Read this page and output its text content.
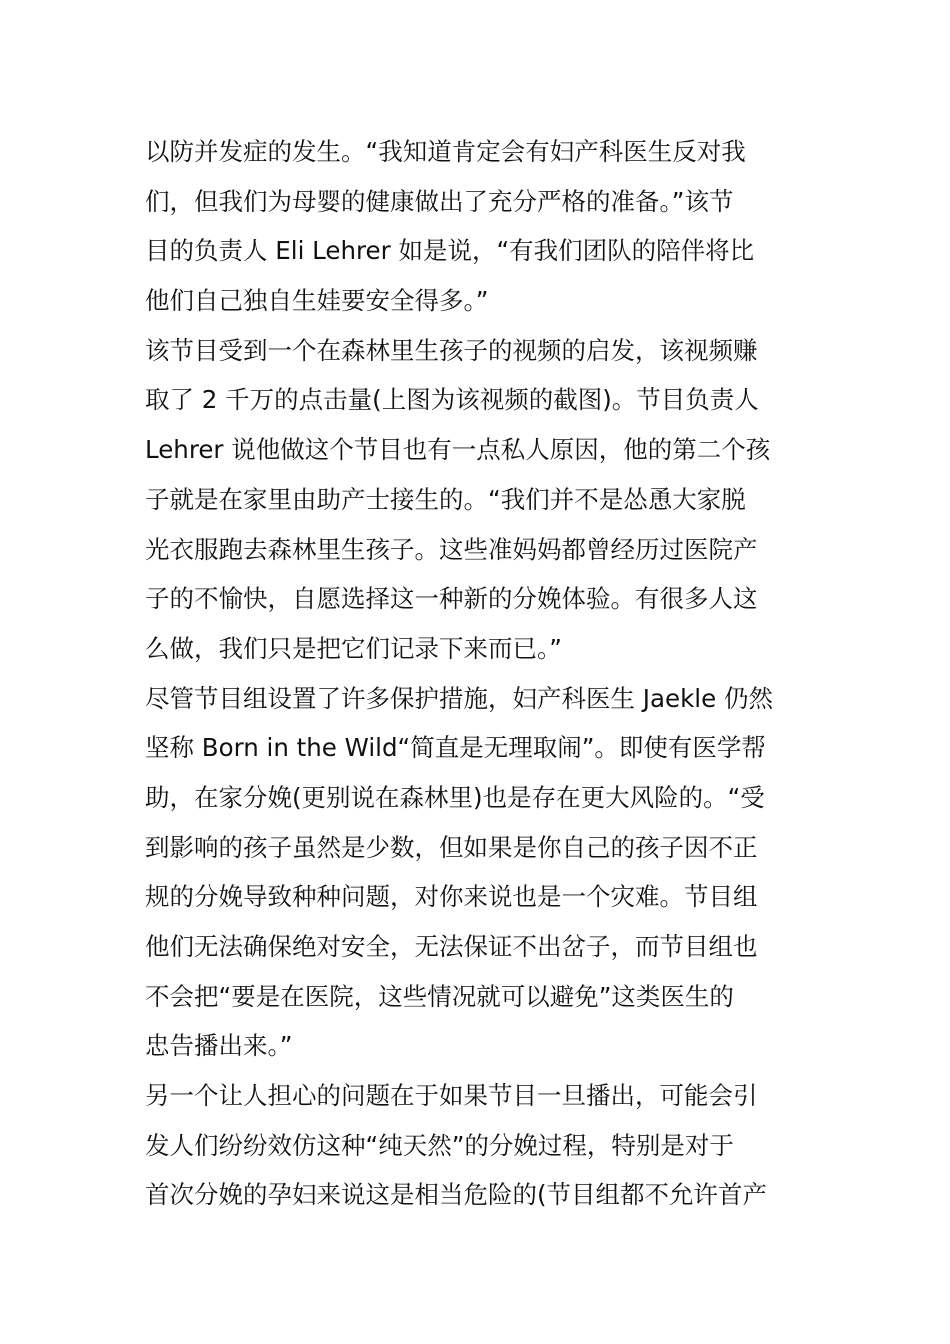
以防并发症的发生。“我知道肯定会有妇产科医生反对我
们，但我们为母婴的健康做出了充分严格的准备。”该节
目的负责人 Eli Lehrer 如是说，“有我们团队的陪伴将比
他们自己独自生娃要安全得多。”
该节目受到一个在森林里生孩子的视频的启发，该视频赚
取了 2 千万的点击量(上图为该视频的截图)。节目负责人
Lehrer 说他做这个节目也有一点私人原因，他的第二个孩
子就是在家里由助产士接生的。“我们并不是怂恿大家脱
光衣服跑去森林里生孩子。这些准妈妈都曾经历过医院产
子的不愉快，自愿选择这一种新的分娩体验。有很多人这
么做，我们只是把它们记录下来而已。”
尽管节目组设置了许多保护措施，妇产科医生 Jaekle 仍然
坚称 Born in the Wild“简直是无理取闹”。即使有医学帮
助，在家分娩(更别说在森林里)也是存在更大风险的。“受
到影响的孩子虽然是少数，但如果是你自己的孩子因不正
规的分娩导致种种问题，对你来说也是一个灾难。节目组
他们无法确保绝对安全，无法保证不出岔子，而节目组也
不会把“要是在医院，这些情况就可以避免”这类医生的
忠告播出来。”
另一个让人担心的问题在于如果节目一旦播出，可能会引
发人们纷纷效仿这种“纯天然”的分娩过程，特别是对于
首次分娩的孕妇来说这是相当危险的(节目组都不允许首产
